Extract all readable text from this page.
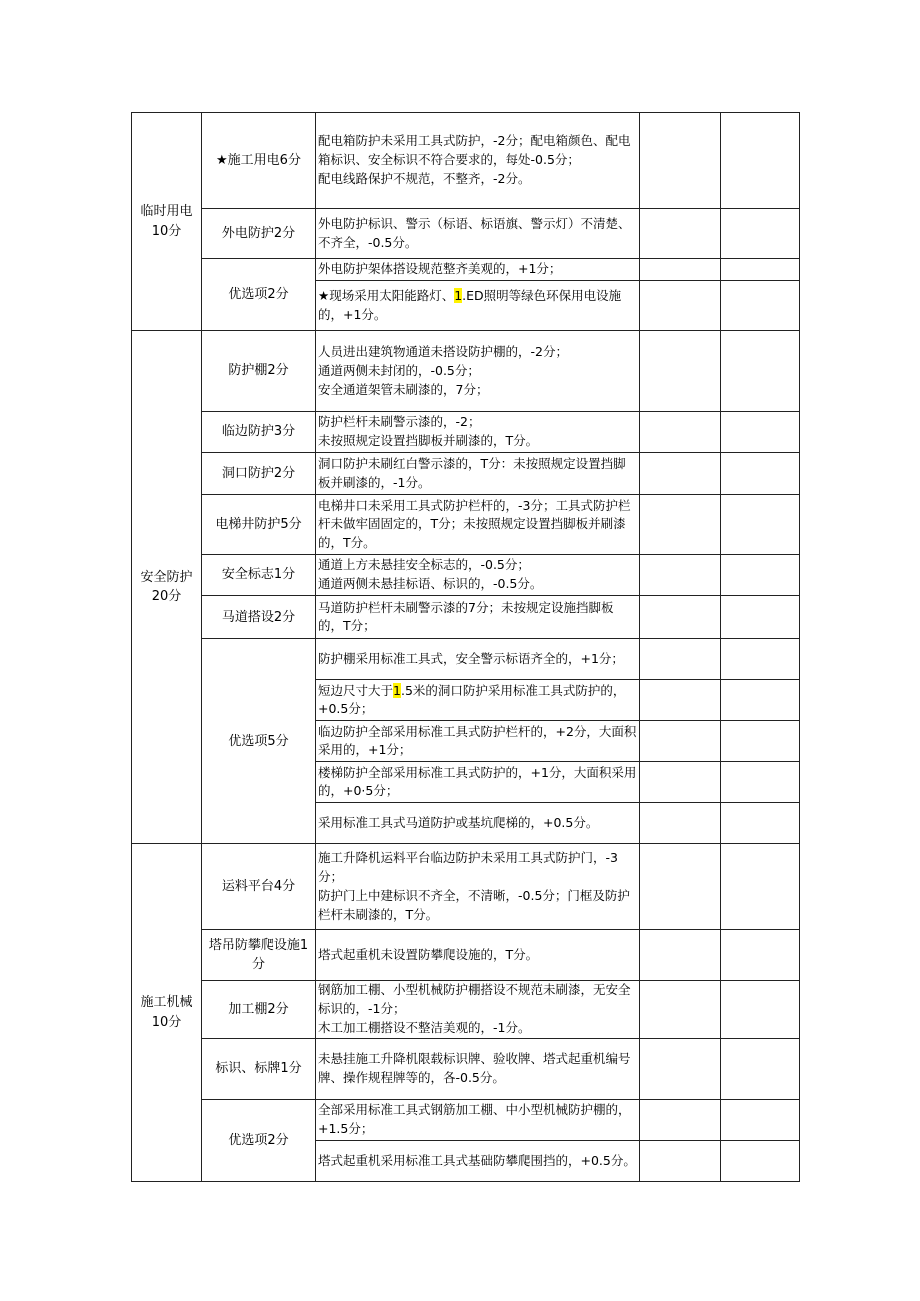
临时用电
10分	★施工用电6分	配电箱防护未采用工具式防护，-2分；配电箱颜色、配电箱标识、安全标识不符合要求的，每处-0.5分；
配电线路保护不规范，不整齐，-2分。		

	外电防护2分	外电防护标识、警示（标语、标语旗、警示灯）不清楚、不齐全，-0.5分。		

	优选项2分	外电防护架体搭设规范整齐美观的，+1分；		

		★现场采用太阳能路灯、1.ED照明等绿色环保用电设施的，+1分。		

安全防护
20分	防护棚2分	人员进出建筑物通道未搭设防护棚的，-2分；
通道两侧未封闭的，-0.5分；
安全通道架管未刷漆的，7分；		

	临边防护3分	防护栏杆未刷警示漆的，-2；
未按照规定设置挡脚板并刷漆的，T分。		

	洞口防护2分	洞口防护未刷红白警示漆的，T分：未按照规定设置挡脚板并刷漆的，-1分。		

	电梯井防护5分	电梯井口未采用工具式防护栏杆的，-3分；工具式防护栏杆未做牢固固定的，T分；未按照规定设置挡脚板并刷漆的，T分。		

	安全标志1分	通道上方未悬挂安全标志的，-0.5分；
通道两侧未悬挂标语、标识的，-0.5分。		

	马道搭设2分	马道防护栏杆未刷警示漆的7分；未按规定设施挡脚板的，T分；		

	优选项5分	防护棚采用标准工具式，安全警示标语齐全的，+1分；		

		短边尺寸大于1.5米的洞口防护采用标准工具式防护的，+0.5分；		

		临边防护全部采用标准工具式防护栏杆的，+2分，大面积采用的，+1分；		

		楼梯防护全部采用标准工具式防护的，+1分，大面积采用的，+0·5分；		

		采用标准工具式马道防护或基坑爬梯的，+0.5分。		

施工机械
10分	运料平台4分	施工升降机运料平台临边防护未采用工具式防护门，-3分；
防护门上中建标识不齐全，不清晰，-0.5分；门框及防护栏杆未刷漆的，T分。		

	塔吊防攀爬设施1分	塔式起重机未设置防攀爬设施的，T分。		

	加工棚2分	钢筋加工棚、小型机械防护棚搭设不规范未刷漆，无安全标识的，-1分；
木工加工棚搭设不整洁美观的，-1分。		

	标识、标牌1分	未悬挂施工升降机限载标识牌、验收牌、塔式起重机编号牌、操作规程牌等的，各-0.5分。		

	优选项2分	全部采用标准工具式钢筋加工棚、中小型机械防护棚的，+1.5分；		

		塔式起重机采用标准工具式基础防攀爬围挡的，+0.5分。		
